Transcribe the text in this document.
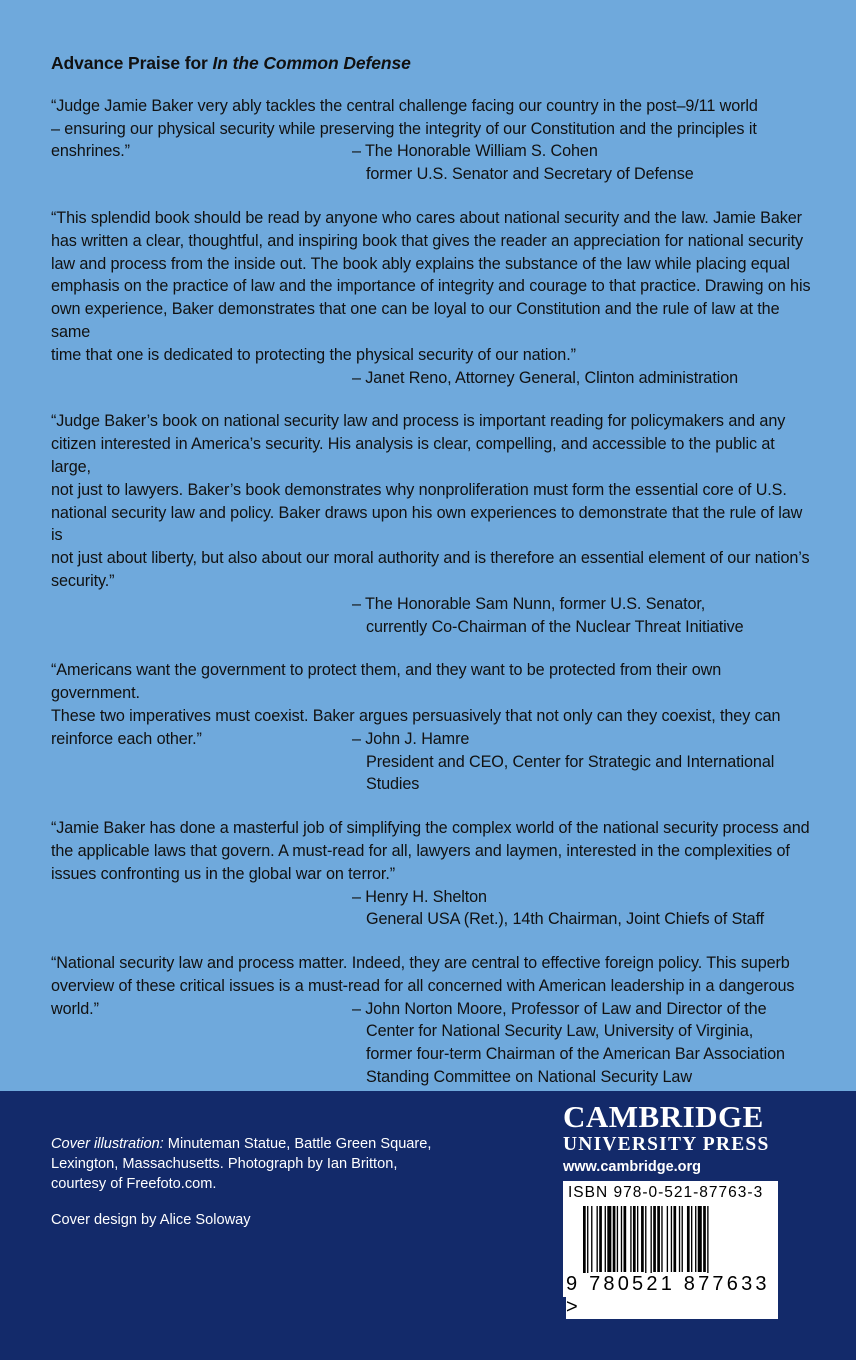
Advance Praise for In the Common Defense

“Judge Jamie Baker very ably tackles the central challenge facing our country in the post–9/11 world
– ensuring our physical security while preserving the integrity of our Constitution and the principles it
enshrines.”	– The Honorable William S. Cohen
former U.S. Senator and Secretary of Defense
“This splendid book should be read by anyone who cares about national security and the law. Jamie Baker
has written a clear, thoughtful, and inspiring book that gives the reader an appreciation for national security
law and process from the inside out. The book ably explains the substance of the law while placing equal
emphasis on the practice of law and the importance of integrity and courage to that practice. Drawing on his
own experience, Baker demonstrates that one can be loyal to our Constitution and the rule of law at the same
time that one is dedicated to protecting the physical security of our nation.”
– Janet Reno, Attorney General, Clinton administration
“Judge Baker’s book on national security law and process is important reading for policymakers and any
citizen interested in America’s security. His analysis is clear, compelling, and accessible to the public at large,
not just to lawyers. Baker’s book demonstrates why nonproliferation must form the essential core of U.S.
national security law and policy. Baker draws upon his own experiences to demonstrate that the rule of law is
not just about liberty, but also about our moral authority and is therefore an essential element of our nation’s
security.”
– The Honorable Sam Nunn, former U.S. Senator,
currently Co-Chairman of the Nuclear Threat Initiative
“Americans want the government to protect them, and they want to be protected from their own government.
These two imperatives must coexist. Baker argues persuasively that not only can they coexist, they can
reinforce each other.”	– John J. Hamre
President and CEO, Center for Strategic and International Studies
“Jamie Baker has done a masterful job of simplifying the complex world of the national security process and
the applicable laws that govern. A must-read for all, lawyers and laymen, interested in the complexities of
issues confronting us in the global war on terror.”
– Henry H. Shelton
General USA (Ret.), 14th Chairman, Joint Chiefs of Staff
“National security law and process matter. Indeed, they are central to effective foreign policy. This superb
overview of these critical issues is a must-read for all concerned with American leadership in a dangerous
world.”	– John Norton Moore, Professor of Law and Director of the
Center for National Security Law, University of Virginia,
former four-term Chairman of the American Bar Association
Standing Committee on National Security Law

Cover illustration: Minuteman Statue, Battle Green Square, Lexington, Massachusetts. Photograph by Ian Britton, courtesy of Freefoto.com.

Cover design by Alice Soloway

CAMBRIDGE
UNIVERSITY PRESS
www.cambridge.org
ISBN 978-0-521-87763-3
9 780521 877633 >
